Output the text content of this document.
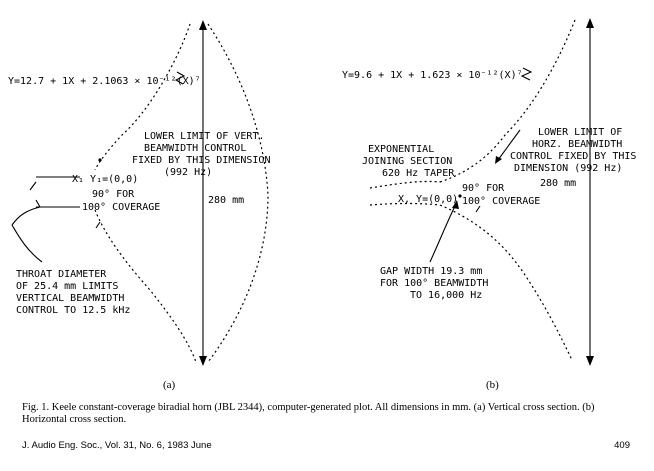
Y=12.7 + 1X + 2.1063 × 10⁻¹²(X)⁷
LOWER LIMIT OF VERT.
BEAMWIDTH CONTROL
FIXED BY THIS DIMENSION
(992 Hz)
280 mm
X₁ Y₁=(0,0)
90° FOR
100° COVERAGE
THROAT DIAMETER
OF 25.4 mm LIMITS
VERTICAL BEAMWIDTH
CONTROL TO 12.5 kHz
(a)
Y=9.6 + 1X + 1.623 × 10⁻¹²(X)⁷
LOWER LIMIT OF
HORZ. BEAMWIDTH
CONTROL FIXED BY THIS
DIMENSION (992 Hz)
280 mm
EXPONENTIAL
JOINING SECTION
620 Hz TAPER
X, Y=(0,0)
90° FOR
100° COVERAGE
GAP WIDTH 19.3 mm
FOR 100° BEAMWIDTH
TO 16,000 Hz
(b)

Fig. 1. Keele constant-coverage biradial horn (JBL 2344), computer-generated plot. All dimensions in mm. (a) Vertical cross section. (b) Horizontal cross section.

J. Audio Eng. Soc., Vol. 31, No. 6, 1983 June	409
